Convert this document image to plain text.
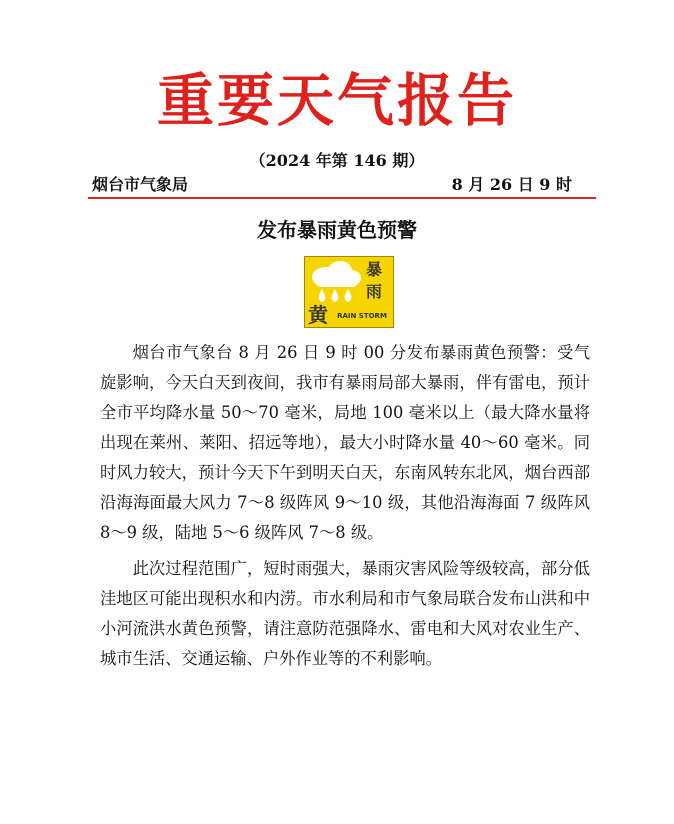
重要天气报告
（2024 年第 146 期）
烟台市气象局	8 月 26 日 9 时
发布暴雨黄色预警
暴
雨
黄 RAIN STORM

烟台市气象台 8 月 26 日 9 时 00 分发布暴雨黄色预警：受气旋影响，今天白天到夜间，我市有暴雨局部大暴雨，伴有雷电，预计全市平均降水量 50～70 毫米，局地 100 毫米以上（最大降水量将出现在莱州、莱阳、招远等地），最大小时降水量 40～60 毫米。同时风力较大，预计今天下午到明天白天，东南风转东北风，烟台西部沿海海面最大风力 7～8 级阵风 9～10 级，其他沿海海面 7 级阵风 8～9 级，陆地 5～6 级阵风 7～8 级。

此次过程范围广，短时雨强大，暴雨灾害风险等级较高，部分低洼地区可能出现积水和内涝。市水利局和市气象局联合发布山洪和中小河流洪水黄色预警，请注意防范强降水、雷电和大风对农业生产、城市生活、交通运输、户外作业等的不利影响。
